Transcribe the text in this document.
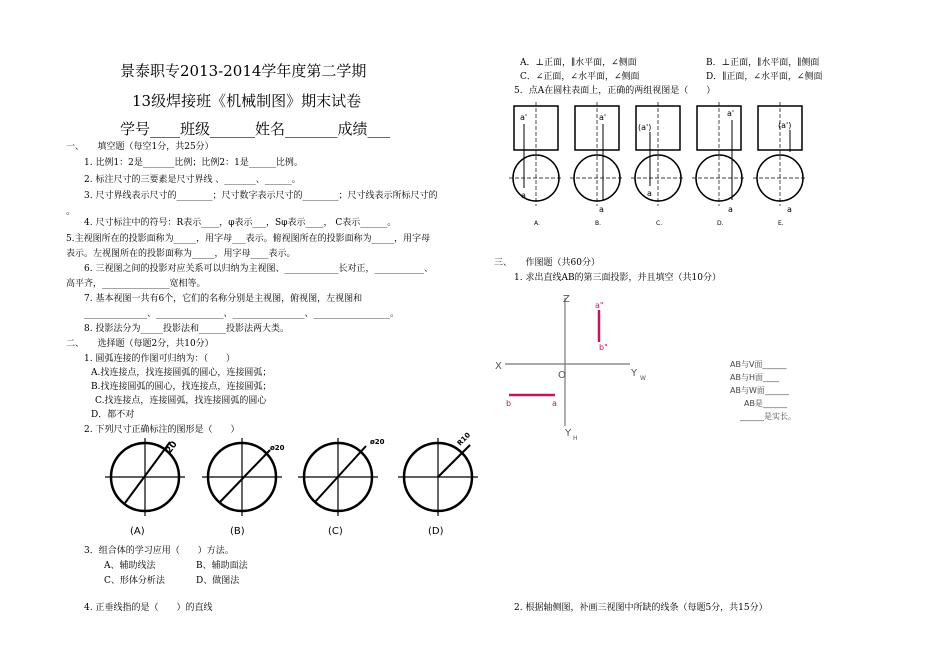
景泰职专2013-2014学年度第二学期
13级焊接班《机械制图》期末试卷
学号____班级______姓名_______成绩___
一、　　填空题（每空1分，共25分）
1. 比例1：2是_______比例；比例2：1是______比例。
2. 标注尺寸的三要素是尺寸界线 、_______、______。
3. 尺寸界线表示尺寸的________；尺寸数字表示尺寸的________；尺寸线表示所标尺寸的
。
4. 尺寸标注中的符号：R表示____，φ表示___，Sφ表示____， C表示______。
5.主视图所在的投影面称为_____，用字母___表示。俯视图所在的投影面称为_____，用字母
表示。左视图所在的投影面称为_____，用字母____表示。
6. 三视图之间的投影对应关系可以归纳为主视图、____________长对正，___________、
高平齐，_______________宽相等。
7. 基本视图一共有6个，它们的名称分别是主视图，俯视图，左视图和
______________、_______________、________________、_________________。
8. 投影法分为_____投影法和______投影法两大类。
二、　　选择题（每题2分，共10分）
1. 圆弧连接的作图可归纳为：（　　）
A.找连接点，找连接圆弧的圆心，连接圆弧；
B.找连接圆弧的圆心，找连接点，连接圆弧；
C.找连接点，连接圆弧，找连接圆弧的圆心
D．都不对
2. 下列尺寸正确标注的图形是（　　）
20	ø20
ø20	R10
(A)	(B)	(C)	(D)
3．组合体的学习应用（　　）方法。
A、辅助线法	B、辅助面法
C、形体分析法	D、做图法
4. 正垂线指的是（　　）的直线
A．⊥正面，∥水平面，∠侧面	B．⊥正面，∥水平面，∥侧面
C．∠正面，∠水平面，∠侧面	D．∥正面，∠水平面，∠侧面
5．点A在圆柱表面上，正确的两组视图是（　　）
a'	a'
(a')
a'
(a')
a
a
a
a	a
A.	B.	C.	D.	E.
三、　　作图题（共60分）
1. 求出直线AB的第三面投影，并且填空（共10分）
Z
X
O	Y W
Y H
a"
b"
b	a
AB与V面______
AB与H面____
AB与W面______
AB是______
______是实长。
2. 根据轴侧图，补画三视图中所缺的线条（每题5分，共15分）
